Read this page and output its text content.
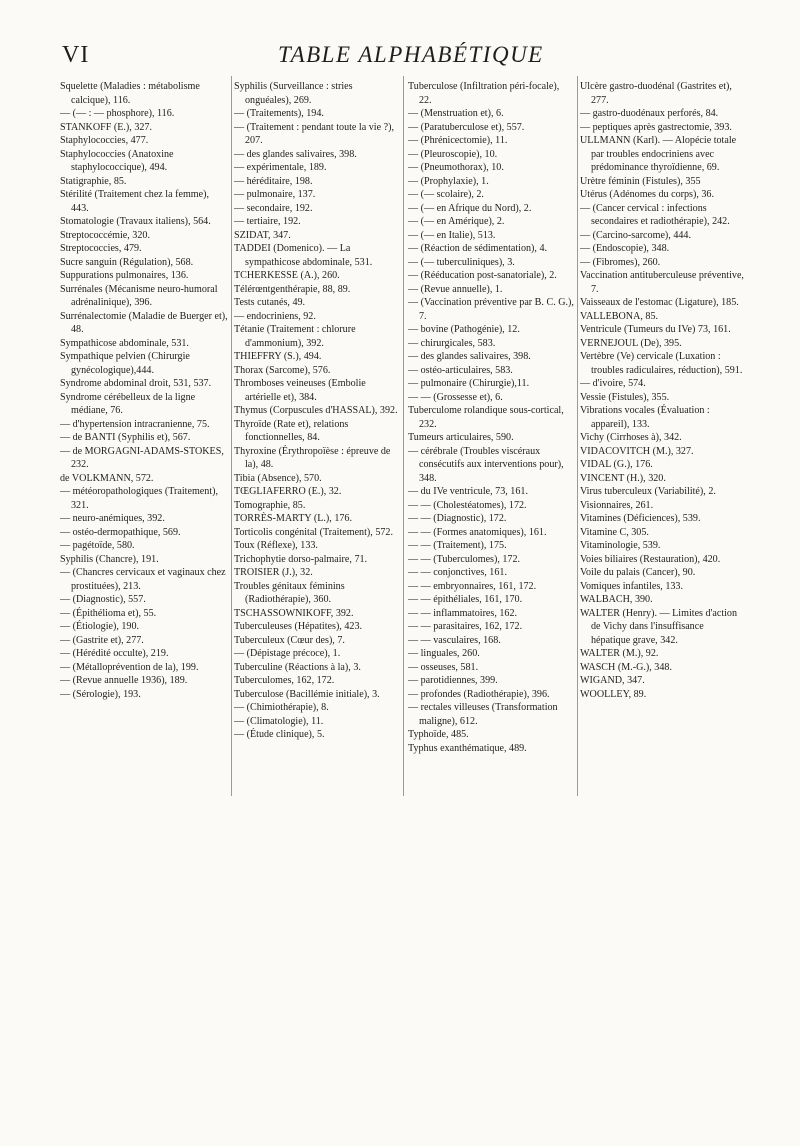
VI	TABLE ALPHABÉTIQUE

Squelette (Maladies : métabolisme calcique), 116.

— (— : — phosphore), 116.

STANKOFF (E.), 327.

Staphylococcies, 477.

Staphylococcies (Anatoxine staphylococcique), 494.

Statigraphie, 85.

Stérilité (Traitement chez la femme), 443.

Stomatologie (Travaux italiens), 564.

Streptococcémie, 320.

Streptococcies, 479.

Sucre sanguin (Régulation), 568.

Suppurations pulmonaires, 136.

Surrénales (Mécanisme neuro-humoral adrénalinique), 396.

Surrénalectomie (Maladie de Buerger et), 48.

Sympathicose abdominale, 531.

Sympathique pelvien (Chirurgie gynécologique),444.

Syndrome abdominal droit, 531, 537.

Syndrome cérébelleux de la ligne médiane, 76.

— d'hypertension intracranienne, 75.

— de BANTI (Syphilis et), 567.

— de MORGAGNI-ADAMS-STOKES, 232.

de VOLKMANN, 572.

— météoropathologiques (Traitement), 321.

— neuro-anémiques, 392.

— ostéo-dermopathique, 569.

— pagétoïde, 580.

Syphilis (Chancre), 191.

— (Chancres cervicaux et vaginaux chez prostituées), 213.

— (Diagnostic), 557.

— (Épithélioma et), 55.

— (Étiologie), 190.

— (Gastrite et), 277.

— (Hérédité occulte), 219.

— (Métalloprévention de la), 199.

— (Revue annuelle 1936), 189.

— (Sérologie), 193.

Syphilis (Surveillance : stries onguéales), 269.

— (Traitements), 194.

— (Traitement : pendant toute la vie ?), 207.

— des glandes salivaires, 398.

— expérimentale, 189.

— héréditaire, 198.

— pulmonaire, 137.

— secondaire, 192.

— tertiaire, 192.

SZIDAT, 347.

TADDEI (Domenico). — La sympathicose abdominale, 531.

TCHERKESSE (A.), 260.

Télérœntgenthérapie, 88, 89.

Tests cutanés, 49.

— endocriniens, 92.

Tétanie (Traitement : chlorure d'ammonium), 392.

THIEFFRY (S.), 494.

Thorax (Sarcome), 576.

Thromboses veineuses (Embolie artérielle et), 384.

Thymus (Corpuscules d'HASSAL), 392.

Thyroïde (Rate et), relations fonctionnelles, 84.

Thyroxine (Érythropoïèse : épreuve de la), 48.

Tibia (Absence), 570.

TŒGLIAFERRO (E.), 32.

Tomographie, 85.

TORRÈS-MARTY (L.), 176.

Torticolis congénital (Traitement), 572.

Toux (Réflexe), 133.

Trichophytie dorso-palmaire, 71.

TROISIER (J.), 32.

Troubles génitaux féminins (Radiothérapie), 360.

TSCHASSOWNIKOFF, 392.

Tuberculeuses (Hépatites), 423.

Tuberculeux (Cœur des), 7.

— (Dépistage précoce), 1.

Tuberculine (Réactions à la), 3.

Tuberculomes, 162, 172.

Tuberculose (Bacillémie initiale), 3.

— (Chimiothérapie), 8.

— (Climatologie), 11.

— (Étude clinique), 5.

Tuberculose (Infiltration péri-focale), 22.

— (Menstruation et), 6.

— (Paratuberculose et), 557.

— (Phrénicectomie), 11.

— (Pleuroscopie), 10.

— (Pneumothorax), 10.

— (Prophylaxie), 1.

— (— scolaire), 2.

— (— en Afrique du Nord), 2.

— (— en Amérique), 2.

— (— en Italie), 513.

— (Réaction de sédimentation), 4.

— (— tuberculiniques), 3.

— (Rééducation post-sanatoriale), 2.

— (Revue annuelle), 1.

— (Vaccination préventive par B. C. G.), 7.

— bovine (Pathogénie), 12.

— chirurgicales, 583.

— des glandes salivaires, 398.

— ostéo-articulaires, 583.

— pulmonaire (Chirurgie),11.

— — (Grossesse et), 6.

Tuberculome rolandique sous-cortical, 232.

Tumeurs articulaires, 590.

— cérébrale (Troubles viscéraux consécutifs aux interventions pour), 348.

— du IVe ventricule, 73, 161.

— — (Cholestéatomes), 172.

— — (Diagnostic), 172.

— — (Formes anatomiques), 161.

— — (Traitement), 175.

— — (Tuberculomes), 172.

— — conjonctives, 161.

— — embryonnaires, 161, 172.

— — épithéliales, 161, 170.

— — inflammatoires, 162.

— — parasitaires, 162, 172.

— — vasculaires, 168.

— linguales, 260.

— osseuses, 581.

— parotidiennes, 399.

— profondes (Radiothérapie), 396.

— rectales villeuses (Transformation maligne), 612.

Typhoïde, 485.

Typhus exanthématique, 489.

Ulcère gastro-duodénal (Gastrites et), 277.

— gastro-duodénaux perforés, 84.

— peptiques après gastrectomie, 393.

ULLMANN (Karl). — Alopécie totale par troubles endocriniens avec prédominance thyroïdienne, 69.

Urètre féminin (Fistules), 355

Utérus (Adénomes du corps), 36.

— (Cancer cervical : infections secondaires et radiothérapie), 242.

— (Carcino-sarcome), 444.

— (Endoscopie), 348.

— (Fibromes), 260.

Vaccination antituberculeuse préventive, 7.

Vaisseaux de l'estomac (Ligature), 185.

VALLEBONA, 85.

Ventricule (Tumeurs du IVe) 73, 161.

VERNEJOUL (De), 395.

Vertèbre (Ve) cervicale (Luxation : troubles radiculaires, réduction), 591.

— d'ivoire, 574.

Vessie (Fistules), 355.

Vibrations vocales (Évaluation : appareil), 133.

Vichy (Cirrhoses à), 342.

VIDACOVITCH (M.), 327.

VIDAL (G.), 176.

VINCENT (H.), 320.

Virus tuberculeux (Variabilité), 2.

Visionnaires, 261.

Vitamines (Déficiences), 539.

Vitamine C, 305.

Vitaminologie, 539.

Voies biliaires (Restauration), 420.

Voile du palais (Cancer), 90.

Vomiques infantiles, 133.

WALBACH, 390.

WALTER (Henry). — Limites d'action de Vichy dans l'insuffisance hépatique grave, 342.

WALTER (M.), 92.

WASCH (M.-G.), 348.

WIGAND, 347.

WOOLLEY, 89.
